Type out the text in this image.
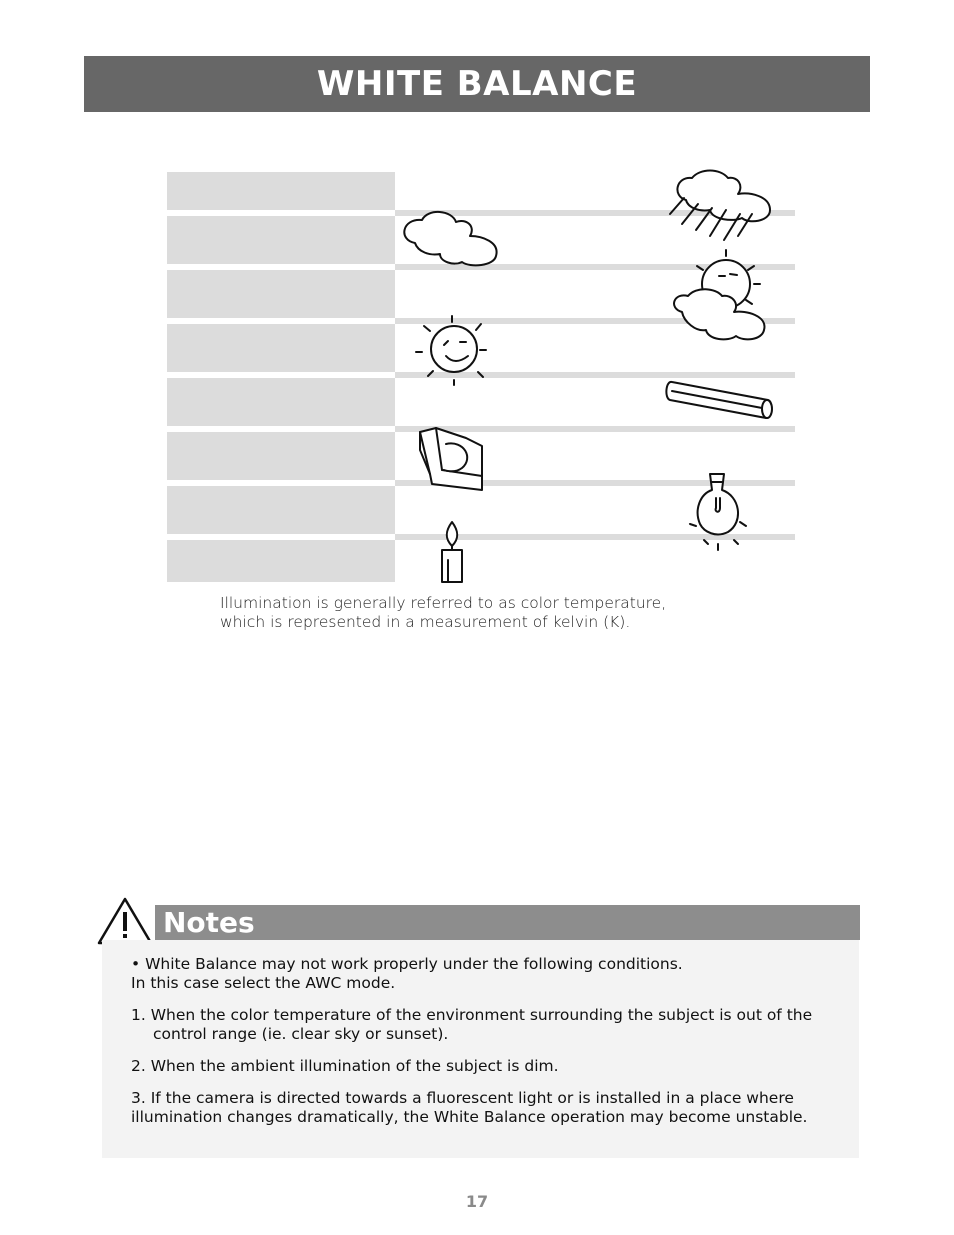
WHITE BALANCE

Illumination is generally referred to as color temperature,

which is represented in a measurement of kelvin (K).

Notes

• White Balance may not work properly under the following conditions.
In this case select the AWC mode.

1. When the color temperature of the environment surrounding the subject is out of the control range (ie. clear sky or sunset).

2. When the ambient illumination of the subject is dim.

3. If the camera is directed towards a fluorescent light or is installed in a place where illumination changes dramatically, the White Balance operation may become unstable.

17
